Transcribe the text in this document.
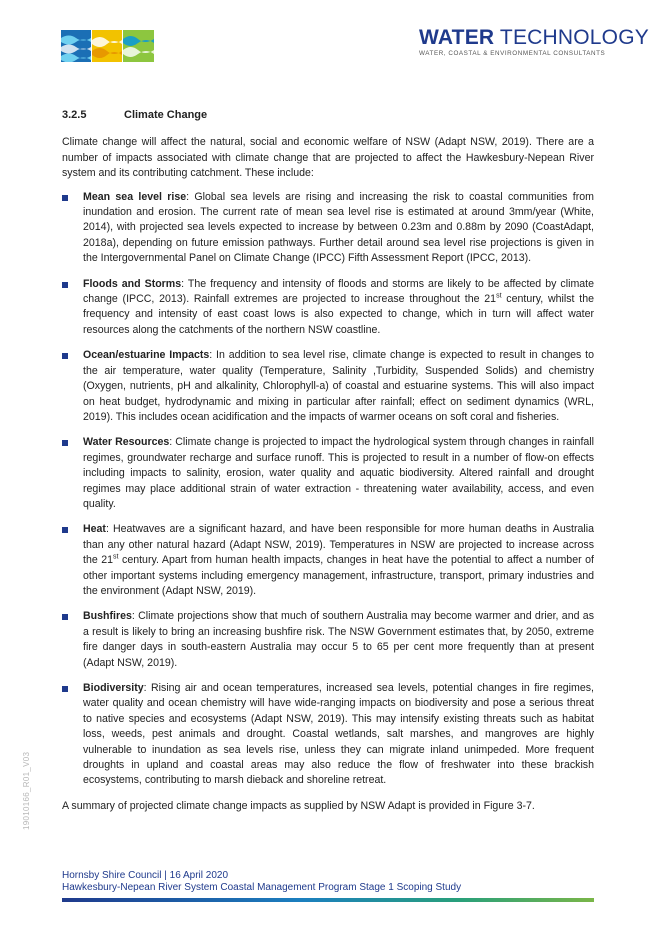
WATER TECHNOLOGY
WATER, COASTAL & ENVIRONMENTAL CONSULTANTS
3.2.5	Climate Change

Climate change will affect the natural, social and economic welfare of NSW (Adapt NSW, 2019). There are a number of impacts associated with climate change that are projected to affect the Hawkesbury-Nepean River system and its contributing catchment. These include:

Mean sea level rise: Global sea levels are rising and increasing the risk to coastal communities from inundation and erosion. The current rate of mean sea level rise is estimated at around 3mm/year (White, 2014), with projected sea levels expected to increase by between 0.23m and 0.88m by 2090 (CoastAdapt, 2018a), depending on future emission pathways. Further detail around sea level rise projections is given in the Intergovernmental Panel on Climate Change (IPCC) Fifth Assessment Report (IPCC, 2013).
Floods and Storms: The frequency and intensity of floods and storms are likely to be affected by climate change (IPCC, 2013). Rainfall extremes are projected to increase throughout the 21st century, whilst the frequency and intensity of east coast lows is also expected to change, which in turn will affect water resources along the catchments of the northern NSW coastline.
Ocean/estuarine Impacts: In addition to sea level rise, climate change is expected to result in changes to the air temperature, water quality (Temperature, Salinity ,Turbidity, Suspended Solids) and chemistry (Oxygen, nutrients, pH and alkalinity, Chlorophyll-a) of coastal and estuarine systems. This will also impact on heat budget, hydrodynamic and mixing in particular after rainfall; effect on sediment dynamics (WRL, 2019). This includes ocean acidification and the impacts of warmer oceans on soft coral and fisheries.
Water Resources: Climate change is projected to impact the hydrological system through changes in rainfall regimes, groundwater recharge and surface runoff. This is projected to result in a number of flow-on effects including impacts to salinity, erosion, water quality and aquatic biodiversity. Altered rainfall and drought regimes may place additional strain of water extraction - threatening water availability, access, and even quality.
Heat: Heatwaves are a significant hazard, and have been responsible for more human deaths in Australia than any other natural hazard (Adapt NSW, 2019). Temperatures in NSW are projected to increase across the 21st century. Apart from human health impacts, changes in heat have the potential to affect a number of other important systems including emergency management, infrastructure, transport, primary industries and the environment (Adapt NSW, 2019).
Bushfires: Climate projections show that much of southern Australia may become warmer and drier, and as a result is likely to bring an increasing bushfire risk. The NSW Government estimates that, by 2050, extreme fire danger days in south-eastern Australia may occur 5 to 65 per cent more frequently than at present (Adapt NSW, 2019).
Biodiversity: Rising air and ocean temperatures, increased sea levels, potential changes in fire regimes, water quality and ocean chemistry will have wide-ranging impacts on biodiversity and pose a serious threat to native species and ecosystems (Adapt NSW, 2019). This may intensify existing threats such as habitat loss, weeds, pest animals and drought. Coastal wetlands, salt marshes, and mangroves are highly vulnerable to inundation as sea levels rise, unless they can migrate inland unimpeded. More frequent droughts in upland and coastal areas may also reduce the flow of freshwater into these brackish ecosystems, contributing to marsh dieback and shoreline retreat.

A summary of projected climate change impacts as supplied by NSW Adapt is provided in Figure 3-7.

19010166_R01_V03
Hornsby Shire Council | 16 April 2020
Hawkesbury-Nepean River System Coastal Management Program Stage 1 Scoping Study
